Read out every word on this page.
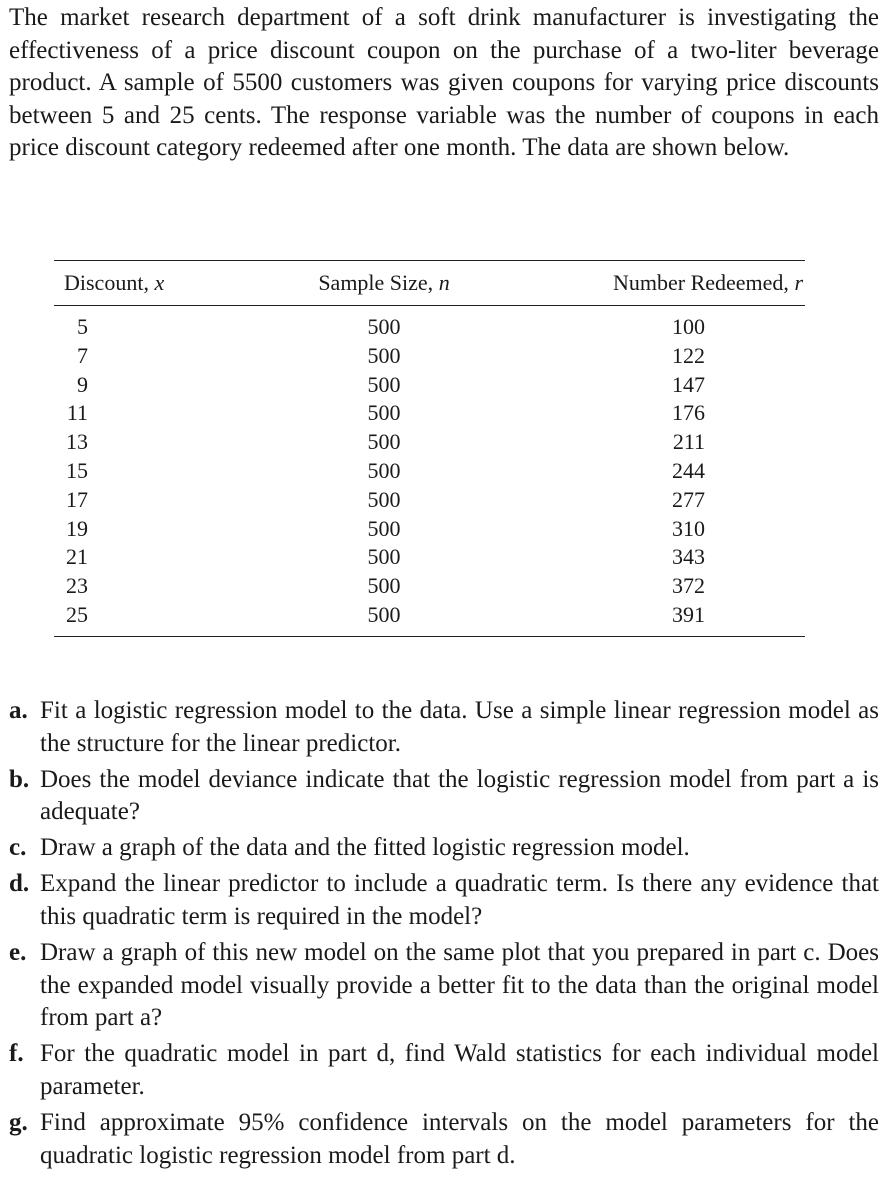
The market research department of a soft drink manufacturer is investigating the effectiveness of a price discount coupon on the purchase of a two-liter beverage product. A sample of 5500 customers was given coupons for varying price discounts between 5 and 25 cents. The response variable was the number of coupons in each price discount category redeemed after one month. The data are shown below.

Discount, x	Sample Size, n	Number Redeemed, r
5	500	100
7	500	122
9	500	147
11	500	176
13	500	211
15	500	244
17	500	277
19	500	310
21	500	343
23	500	372
25	500	391
a. Fit a logistic regression model to the data. Use a simple linear regression model as the structure for the linear predictor.
b. Does the model deviance indicate that the logistic regression model from part a is adequate?
c. Draw a graph of the data and the fitted logistic regression model.
d. Expand the linear predictor to include a quadratic term. Is there any evidence that this quadratic term is required in the model?
e. Draw a graph of this new model on the same plot that you prepared in part c. Does the expanded model visually provide a better fit to the data than the original model from part a?
f. For the quadratic model in part d, find Wald statistics for each individual model parameter.
g. Find approximate 95% confidence intervals on the model parameters for the quadratic logistic regression model from part d.
